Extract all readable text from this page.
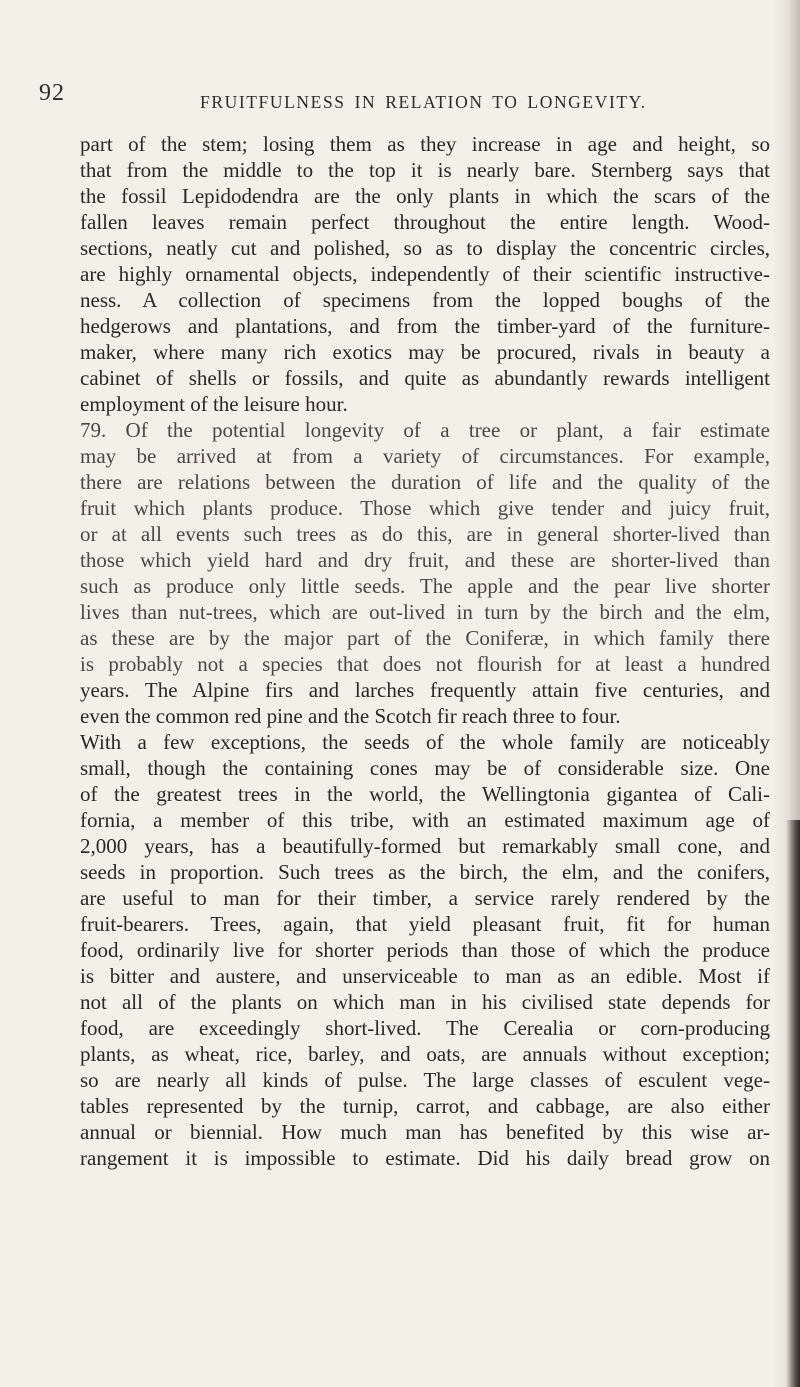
92	FRUITFULNESS IN RELATION TO LONGEVITY.
part of the stem; losing them as they increase in age and height, so
that from the middle to the top it is nearly bare. Sternberg says that
the fossil Lepidodendra are the only plants in which the scars of the
fallen leaves remain perfect throughout the entire length. Wood-
sections, neatly cut and polished, so as to display the concentric circles,
are highly ornamental objects, independently of their scientific instructive-
ness. A collection of specimens from the lopped boughs of the
hedgerows and plantations, and from the timber-yard of the furniture-
maker, where many rich exotics may be procured, rivals in beauty a
cabinet of shells or fossils, and quite as abundantly rewards intelligent
employment of the leisure hour.
79. Of the potential longevity of a tree or plant, a fair estimate
may be arrived at from a variety of circumstances. For example,
there are relations between the duration of life and the quality of the
fruit which plants produce. Those which give tender and juicy fruit,
or at all events such trees as do this, are in general shorter-lived than
those which yield hard and dry fruit, and these are shorter-lived than
such as produce only little seeds. The apple and the pear live shorter
lives than nut-trees, which are out-lived in turn by the birch and the elm,
as these are by the major part of the Coniferæ, in which family there
is probably not a species that does not flourish for at least a hundred
years. The Alpine firs and larches frequently attain five centuries, and
even the common red pine and the Scotch fir reach three to four.
With a few exceptions, the seeds of the whole family are noticeably
small, though the containing cones may be of considerable size. One
of the greatest trees in the world, the Wellingtonia gigantea of Cali-
fornia, a member of this tribe, with an estimated maximum age of
2,000 years, has a beautifully-formed but remarkably small cone, and
seeds in proportion. Such trees as the birch, the elm, and the conifers,
are useful to man for their timber, a service rarely rendered by the
fruit-bearers. Trees, again, that yield pleasant fruit, fit for human
food, ordinarily live for shorter periods than those of which the produce
is bitter and austere, and unserviceable to man as an edible. Most if
not all of the plants on which man in his civilised state depends for
food, are exceedingly short-lived. The Cerealia or corn-producing
plants, as wheat, rice, barley, and oats, are annuals without exception;
so are nearly all kinds of pulse. The large classes of esculent vege-
tables represented by the turnip, carrot, and cabbage, are also either
annual or biennial. How much man has benefited by this wise ar-
rangement it is impossible to estimate. Did his daily bread grow on
